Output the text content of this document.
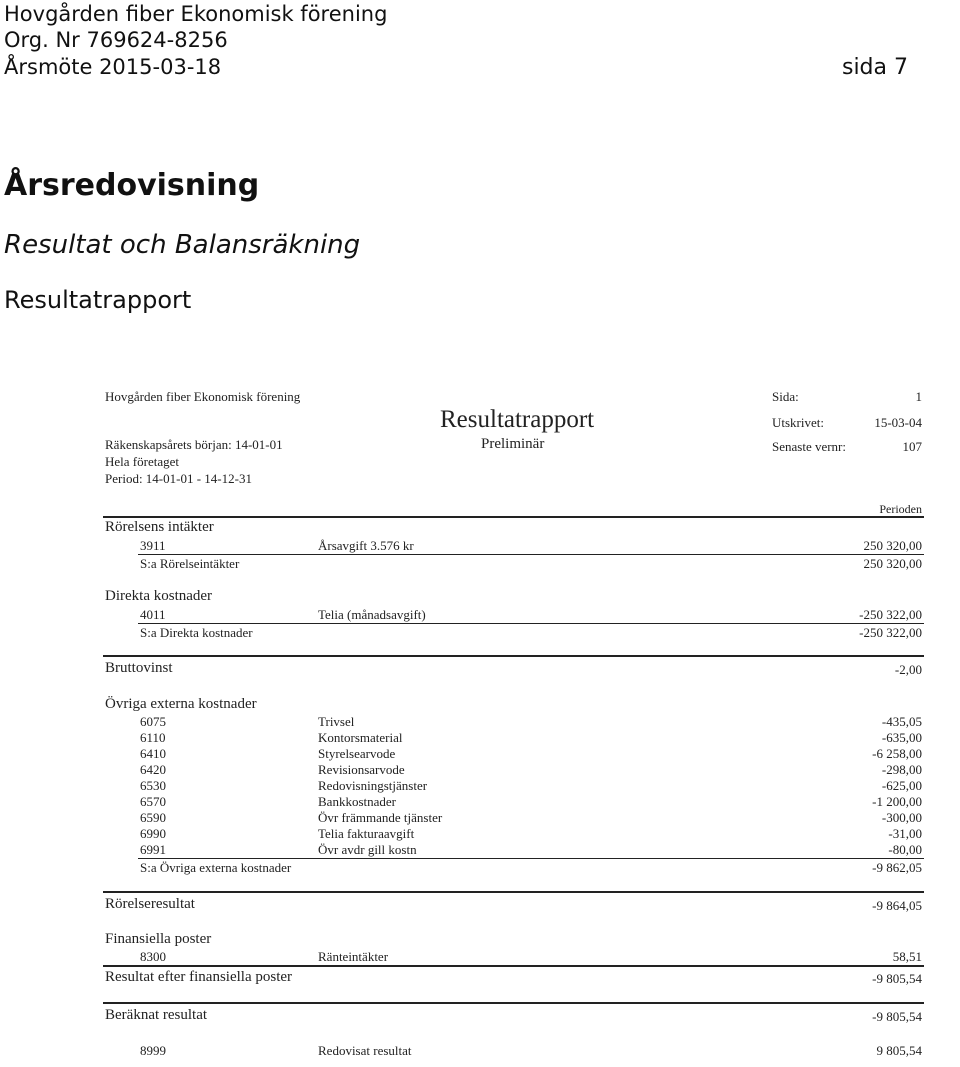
Hovgården fiber Ekonomisk förening
Org. Nr 769624-8256
Årsmöte 2015-03-18	sida 7
Årsredovisning
Resultat och Balansräkning
Resultatrapport
Hovgården fiber Ekonomisk förening
Resultatrapport
Preliminär
Räkenskapsårets början: 14-01-01
Hela företaget
Period: 14-01-01 - 14-12-31
Sida:	1
Utskrivet:	15-03-04
Senaste vernr:	107
Perioden
Rörelsens intäkter
3911	Årsavgift 3.576 kr	250 320,00
S:a Rörelseintäkter	250 320,00
Direkta kostnader
4011	Telia (månadsavgift)	-250 322,00
S:a Direkta kostnader	-250 322,00
Bruttovinst	-2,00
Övriga externa kostnader
6075	Trivsel	-435,05
6110	Kontorsmaterial	-635,00
6410	Styrelsearvode	-6 258,00
6420	Revisionsarvode	-298,00
6530	Redovisningstjänster	-625,00
6570	Bankkostnader	-1 200,00
6590	Övr främmande tjänster	-300,00
6990	Telia fakturaavgift	-31,00
6991	Övr avdr gill kostn	-80,00
S:a Övriga externa kostnader	-9 862,05
Rörelseresultat	-9 864,05
Finansiella poster
8300	Ränteintäkter	58,51
Resultat efter finansiella poster	-9 805,54
Beräknat resultat	-9 805,54
8999	Redovisat resultat	9 805,54
